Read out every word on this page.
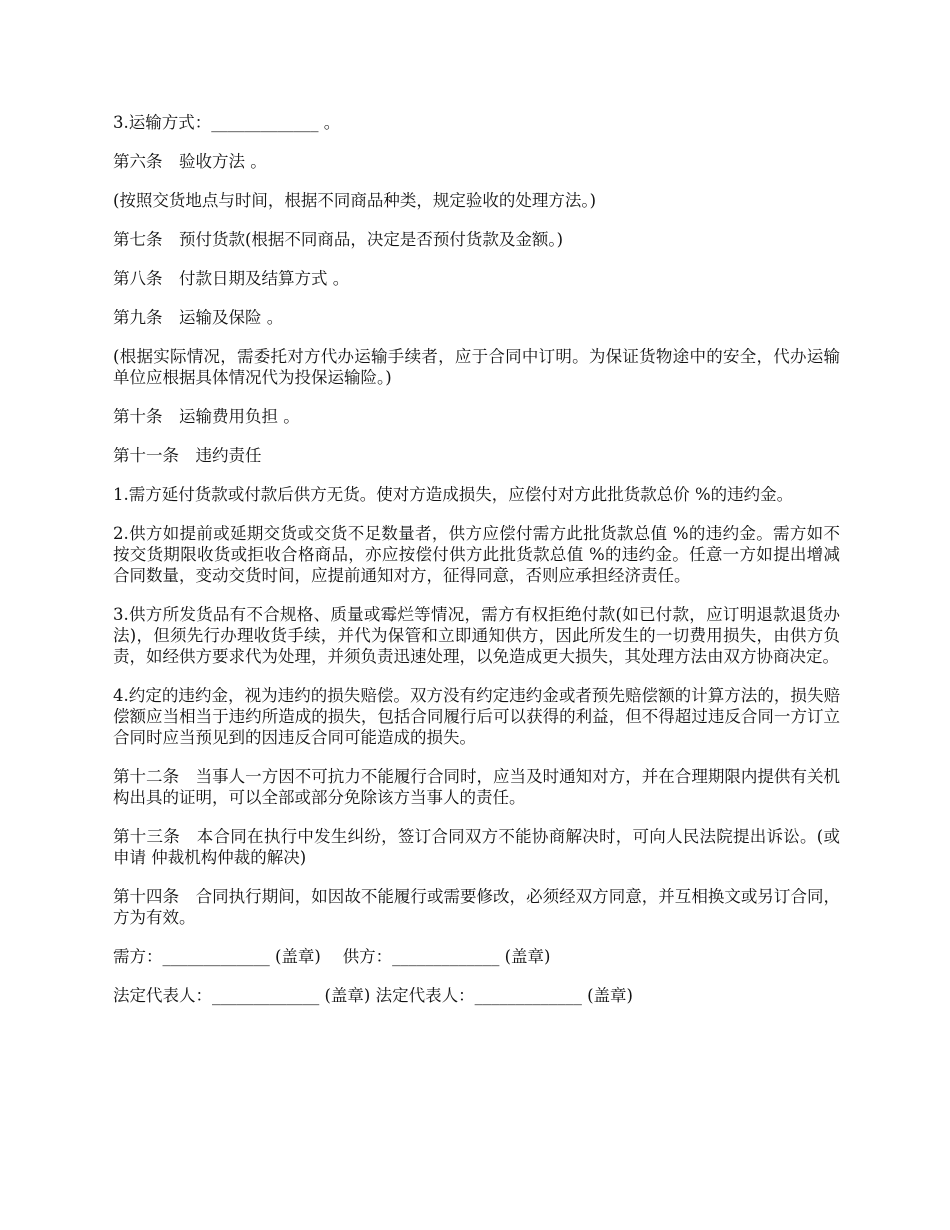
3.运输方式：_____________ 。

第六条　验收方法 。

(按照交货地点与时间，根据不同商品种类，规定验收的处理方法。)

第七条　预付货款(根据不同商品，决定是否预付货款及金额。)

第八条　付款日期及结算方式 。

第九条　运输及保险 。

(根据实际情况，需委托对方代办运输手续者，应于合同中订明。为保证货物途中的安全，代办运输单位应根据具体情况代为投保运输险。)

第十条　运输费用负担 。

第十一条　违约责任

1.需方延付货款或付款后供方无货。使对方造成损失，应偿付对方此批货款总价 %的违约金。

2.供方如提前或延期交货或交货不足数量者，供方应偿付需方此批货款总值 %的违约金。需方如不按交货期限收货或拒收合格商品，亦应按偿付供方此批货款总值 %的违约金。任意一方如提出增减合同数量，变动交货时间，应提前通知对方，征得同意，否则应承担经济责任。

3.供方所发货品有不合规格、质量或霉烂等情况，需方有权拒绝付款(如已付款，应订明退款退货办法)，但须先行办理收货手续，并代为保管和立即通知供方，因此所发生的一切费用损失，由供方负责，如经供方要求代为处理，并须负责迅速处理，以免造成更大损失，其处理方法由双方协商决定。

4.约定的违约金，视为违约的损失赔偿。双方没有约定违约金或者预先赔偿额的计算方法的，损失赔偿额应当相当于违约所造成的损失，包括合同履行后可以获得的利益，但不得超过违反合同一方订立合同时应当预见到的因违反合同可能造成的损失。

第十二条　当事人一方因不可抗力不能履行合同时，应当及时通知对方，并在合理期限内提供有关机构出具的证明，可以全部或部分免除该方当事人的责任。

第十三条　本合同在执行中发生纠纷，签订合同双方不能协商解决时，可向人民法院提出诉讼。(或申请 仲裁机构仲裁的解决)

第十四条　合同执行期间，如因故不能履行或需要修改，必须经双方同意，并互相换文或另订合同，方为有效。

需方：_____________ (盖章)　 供方：_____________ (盖章)

法定代表人：_____________ (盖章) 法定代表人：_____________ (盖章)
